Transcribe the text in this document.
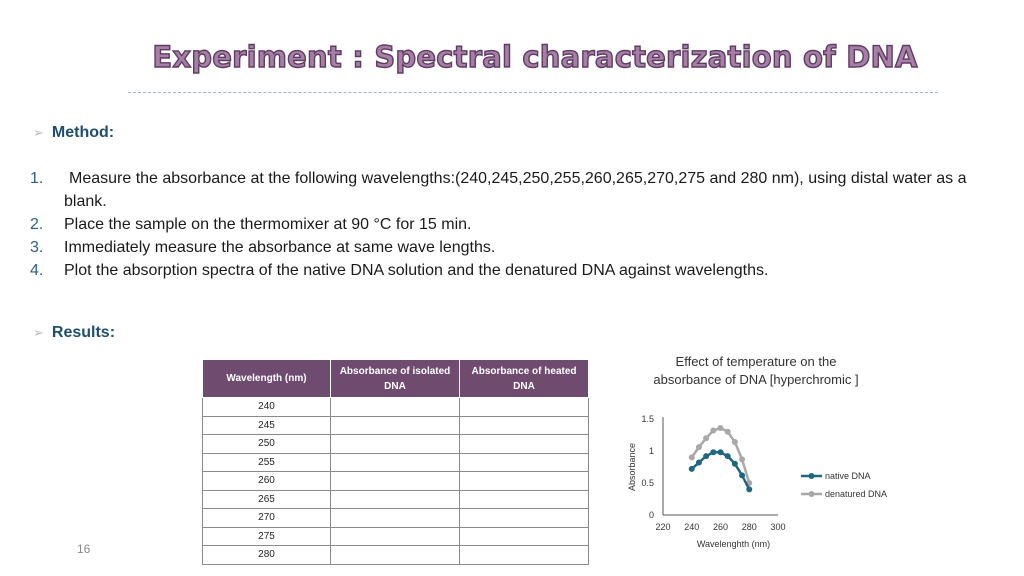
Experiment : Spectral characterization of DNA
➢ Method:
1. Measure the absorbance at the following wavelengths:(240,245,250,255,260,265,270,275 and 280 nm), using distal water as a blank.
2. Place the sample on the thermomixer at 90 °C for 15 min.
3. Immediately measure the absorbance at same wave lengths.
4. Plot the absorption spectra of the native DNA solution and the denatured DNA against wavelengths.
➢ Results:
Wavelength (nm)	Absorbance of isolated DNA	Absorbance of heated DNA
240		
245		
250		
255		
260		
265		
270		
275		
280		
Effect of temperature on the absorbance of DNA [hyperchromic ]
0
0.5
1
1.5
220 240 260 280 300
Wavelenghth (nm)
Absorbance	native DNA
denatured DNA
16
